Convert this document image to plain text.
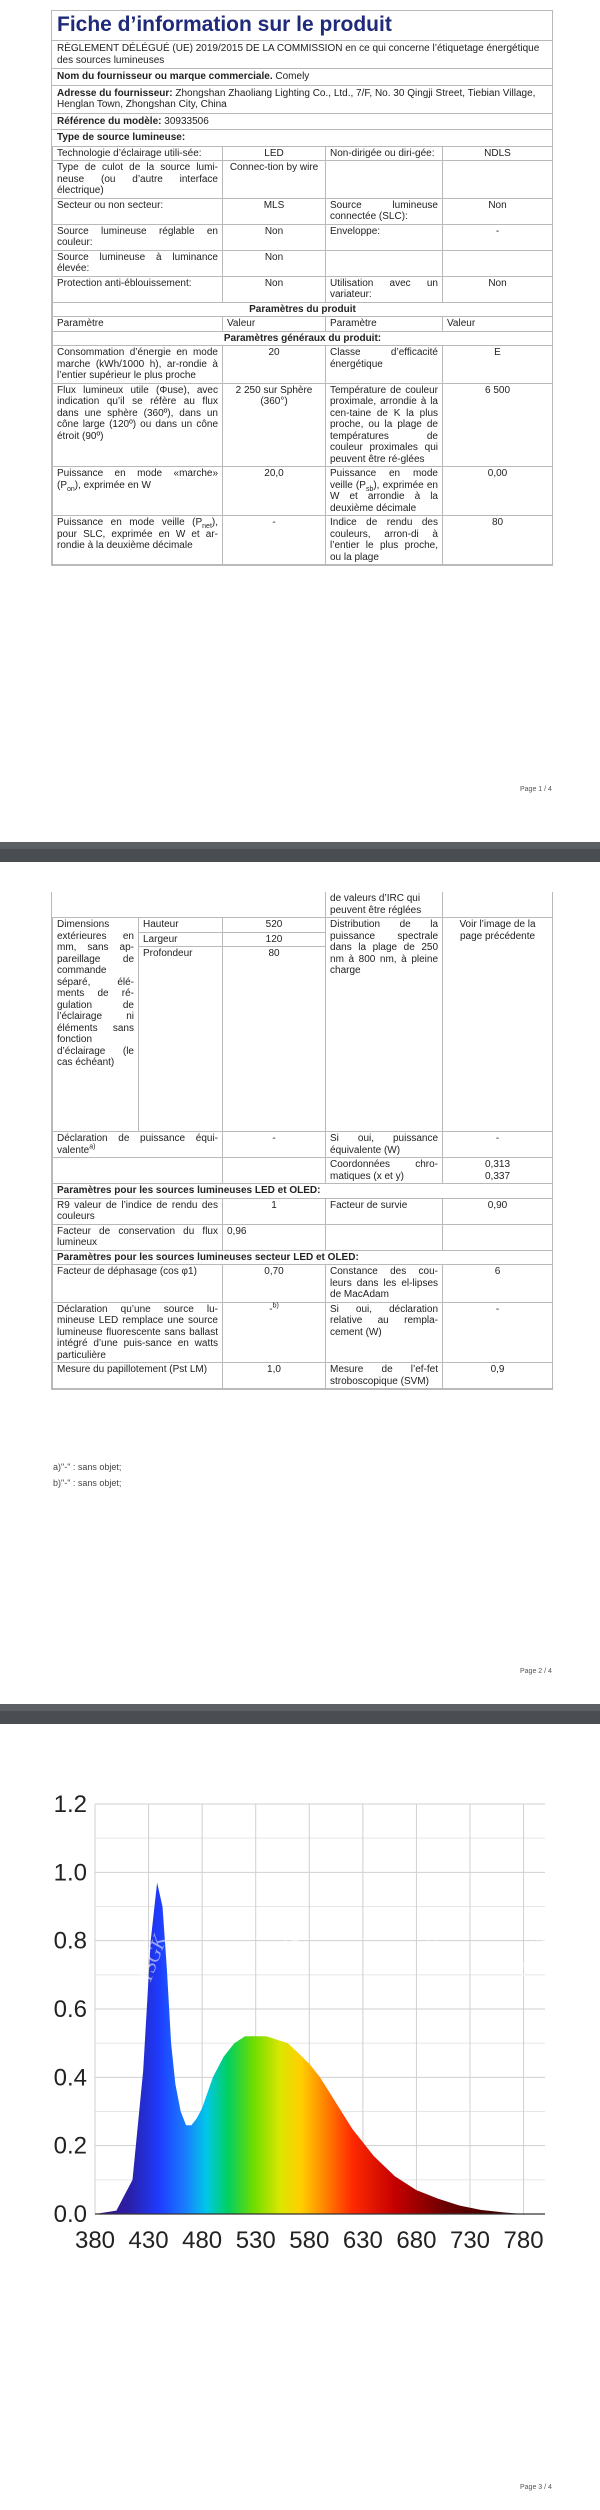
Fiche d’information sur le produit
RÈGLEMENT DÉLÉGUÉ (UE) 2019/2015 DE LA COMMISSION en ce qui concerne l’étiquetage énergétique des sources lumineuses
Nom du fournisseur ou marque commerciale. Comely
Adresse du fournisseur: Zhongshan Zhaoliang Lighting Co., Ltd., 7/F, No. 30 Qingji Street, Tiebian Village, Henglan Town, Zhongshan City, China
Référence du modèle: 30933506
Type de source lumineuse:
Technologie d’éclairage utili-sée:	LED	Non-dirigée ou diri-gée:	NDLS
Type de culot de la source lumi-neuse (ou d’autre interface électrique)	Connec-tion by wire		
Secteur ou non secteur:	MLS	Source lumineuse connectée (SLC):	Non
Source lumineuse réglable en couleur:	Non	Enveloppe:	-
Source lumineuse à luminance élevée:	Non		
Protection anti-éblouissement:	Non	Utilisation avec un variateur:	Non
Paramètres du produit			
Paramètre	Valeur	Paramètre	Valeur
Paramètres généraux du produit:			
Consommation d’énergie en mode marche (kWh/1000 h), ar-rondie à l’entier supérieur le plus proche	20	Classe d’efficacité énergétique	E
Flux lumineux utile (Φuse), avec indication qu’il se réfère au flux dans une sphère (360º), dans un cône large (120º) ou dans un cône étroit (90º)	2 250 sur Sphère (360°)	Température de couleur proximale, arrondie à la cen-taine de K la plus proche, ou la plage de températures de couleur proximales qui peuvent être ré-glées	6 500
Puissance en mode «marche» $(P_{on})$, exprimée en W	20,0	Puissance en mode veille $(P_{sb})$, exprimée en W et arrondie à la deuxième décimale	0,00
Puissance en mode veille $(P_{net})$, pour SLC, exprimée en W et ar-rondie à la deuxième décimale	-	Indice de rendu des couleurs, arron-di à l’entier le plus proche, ou la plage	80
Page 1 / 4
			de valeurs d’IRC qui peuvent être réglées	
Dimensions extérieures en mm, sans ap-pareillage de commande séparé, élé-ments de ré-gulation de l’éclairage ni éléments sans fonction d’éclairage (le cas échéant)	Hauteur	520	Distribution de la puissance spectrale dans la plage de 250 nm à 800 nm, à pleine charge	Voir l’image de la page précédente
	Largeur	120		
	Profondeur	80		
Déclaration de puissance équi-valente$^{a)}$		-	Si oui, puissance équivalente (W)	-
			Coordonnées chro-matiques (x et y)	0,313
0,337
Paramètres pour les sources lumineuses LED et OLED:				
R9 valeur de l’indice de rendu des couleurs		1	Facteur de survie	0,90
Facteur de conservation du flux lumineux		0,96		
Paramètres pour les sources lumineuses secteur LED et OLED:				
Facteur de déphasage (cos φ1)		0,70	Constance des cou-leurs dans les el-lipses de MacAdam	6
Déclaration qu’une source lu-mineuse LED remplace une source lumineuse fluorescente sans ballast intégré d’une puis-sance en watts particulière		-$^{b)}$	Si oui, déclaration relative au rempla-cement (W)	-
Mesure du papillotement (Pst LM)		1,0	Mesure de l’ef-fet stroboscopique (SVM)	0,9
a)"-" : sans objet;
b)"-" : sans objet;
Page 2 / 4
TSGK	TSGK	TSGK	TSGK
0.0
0.2
0.4
0.6
0.8
1.0
1.2
380 430 480 530 580 630 680 730 780
Page 3 / 4
